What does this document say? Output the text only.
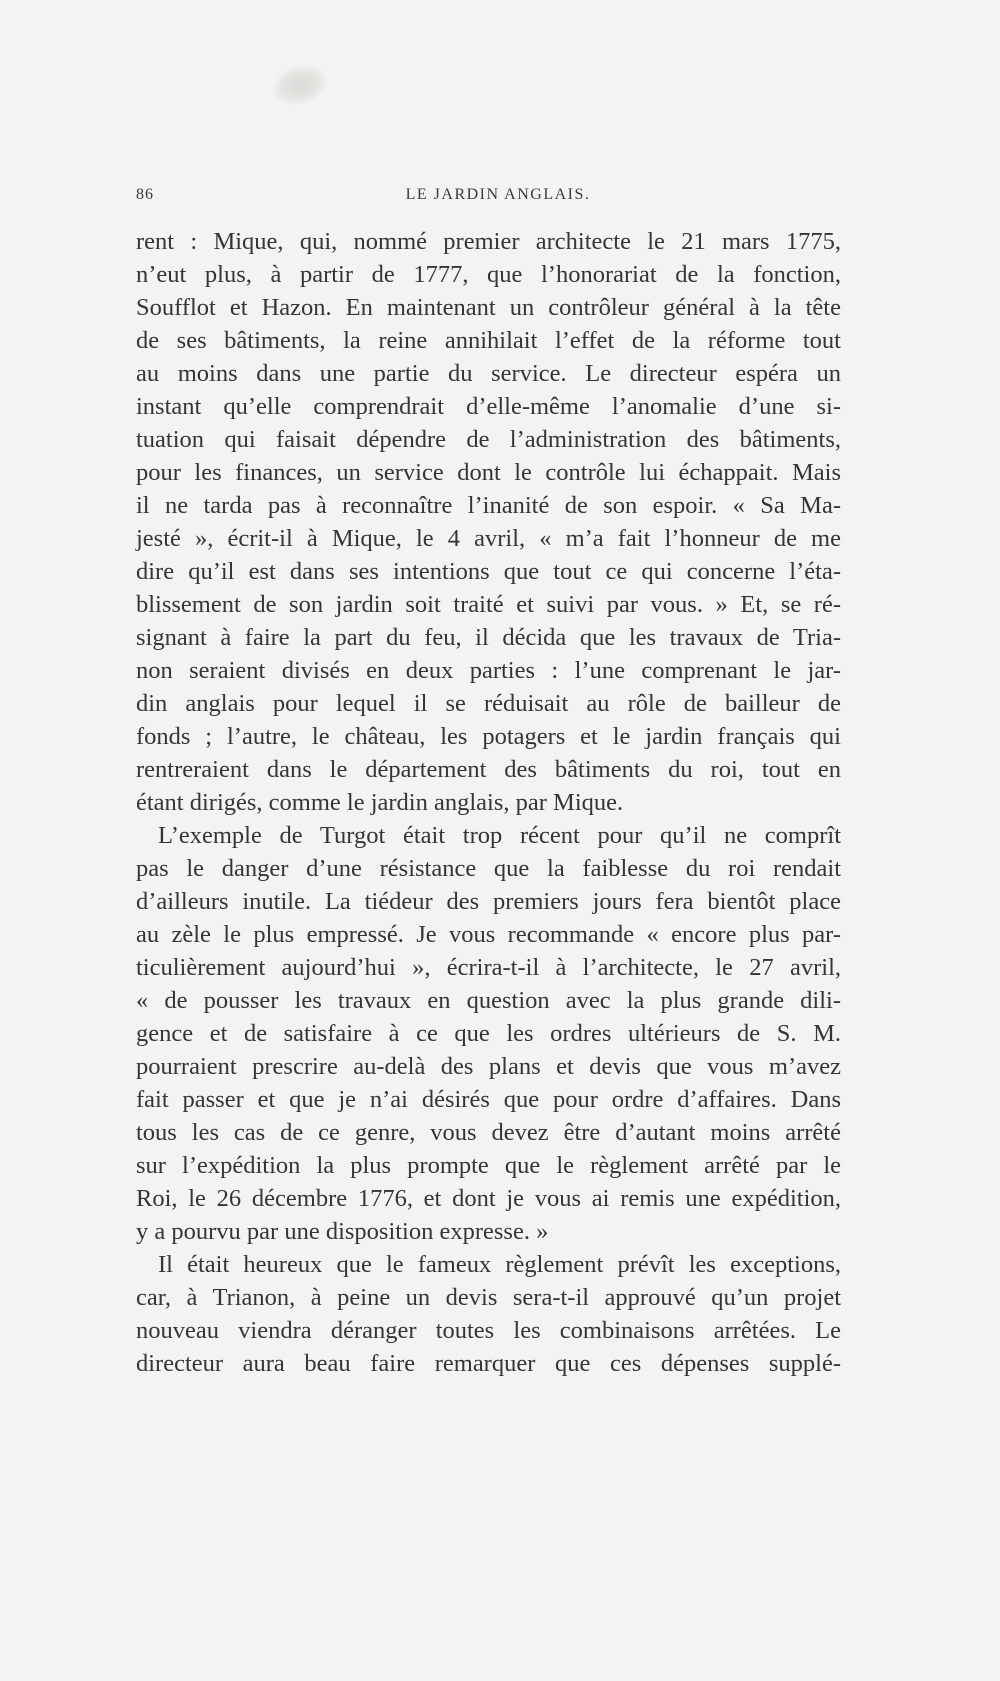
86	LE JARDIN ANGLAIS.
rent : Mique, qui, nommé premier architecte le 21 mars 1775,
n’eut plus, à partir de 1777, que l’honorariat de la fonction,
Soufflot et Hazon. En maintenant un contrôleur général à la tête
de ses bâtiments, la reine annihilait l’effet de la réforme tout
au moins dans une partie du service. Le directeur espéra un
instant qu’elle comprendrait d’elle-même l’anomalie d’une si-
tuation qui faisait dépendre de l’administration des bâtiments,
pour les finances, un service dont le contrôle lui échappait. Mais
il ne tarda pas à reconnaître l’inanité de son espoir. « Sa Ma-
jesté », écrit-il à Mique, le 4 avril, « m’a fait l’honneur de me
dire qu’il est dans ses intentions que tout ce qui concerne l’éta-
blissement de son jardin soit traité et suivi par vous. » Et, se ré-
signant à faire la part du feu, il décida que les travaux de Tria-
non seraient divisés en deux parties : l’une comprenant le jar-
din anglais pour lequel il se réduisait au rôle de bailleur de
fonds ; l’autre, le château, les potagers et le jardin français qui
rentreraient dans le département des bâtiments du roi, tout en
étant dirigés, comme le jardin anglais, par Mique.
L’exemple de Turgot était trop récent pour qu’il ne comprît
pas le danger d’une résistance que la faiblesse du roi rendait
d’ailleurs inutile. La tiédeur des premiers jours fera bientôt place
au zèle le plus empressé. Je vous recommande « encore plus par-
ticulièrement aujourd’hui », écrira-t-il à l’architecte, le 27 avril,
« de pousser les travaux en question avec la plus grande dili-
gence et de satisfaire à ce que les ordres ultérieurs de S. M.
pourraient prescrire au-delà des plans et devis que vous m’avez
fait passer et que je n’ai désirés que pour ordre d’affaires. Dans
tous les cas de ce genre, vous devez être d’autant moins arrêté
sur l’expédition la plus prompte que le règlement arrêté par le
Roi, le 26 décembre 1776, et dont je vous ai remis une expédition,
y a pourvu par une disposition expresse. »
Il était heureux que le fameux règlement prévît les exceptions,
car, à Trianon, à peine un devis sera-t-il approuvé qu’un projet
nouveau viendra déranger toutes les combinaisons arrêtées. Le
directeur aura beau faire remarquer que ces dépenses supplé-
